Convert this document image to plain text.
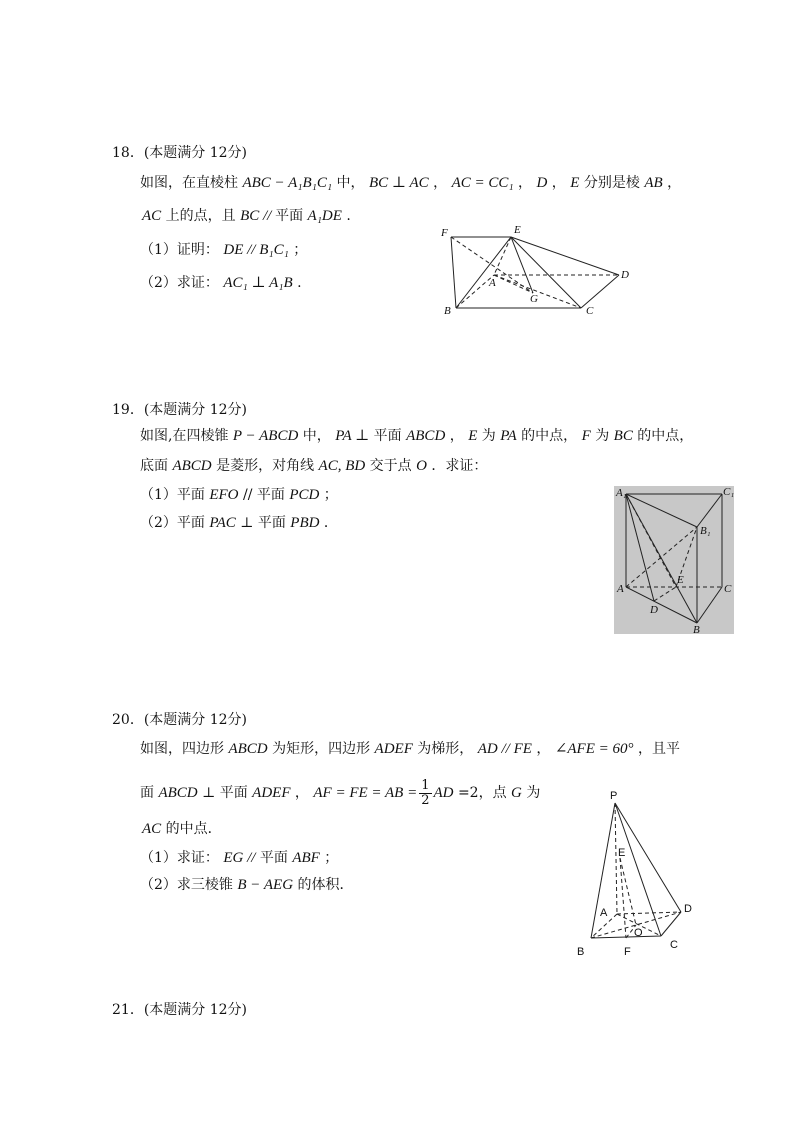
18．(本题满分 12分)
如图，在直棱柱 ABC − A₁B₁C₁ 中， BC ⊥ AC ， AC = CC₁ ， D ， E 分别是棱 AB ，
AC 上的点，且 BC // 平面 A₁DE .
（1）证明： DE // B₁C₁ ；
（2）求证： AC₁ ⊥ A₁B .
F	E
A
D
G
B	C
19．(本题满分 12分)
如图,在四棱锥 P − ABCD 中， PA ⊥ 平面 ABCD ， E 为 PA 的中点， F 为 BC 的中点，
底面 ABCD 是菱形，对角线 AC, BD 交于点 O ．求证：
（1）平面 EFO // 平面 PCD ；
（2）平面 PAC ⊥ 平面 PBD ．
A₁	C₁
B₁
A
E
C
D
B
20．(本题满分 12分)
如图，四边形 ABCD 为矩形，四边形 ADEF 为梯形， AD // FE ， ∠AFE = 60° ，且平
面 ABCD ⊥ 平面 ADEF ， AF = FE = AB = $\frac{1}{2}$ AD =2，点 G 为
AC 的中点．
（1）求证： EG // 平面 ABF ；
（2）求三棱锥 B − AEG 的体积．
P
E
A	D
O
B	F
C
21．(本题满分 12分)
